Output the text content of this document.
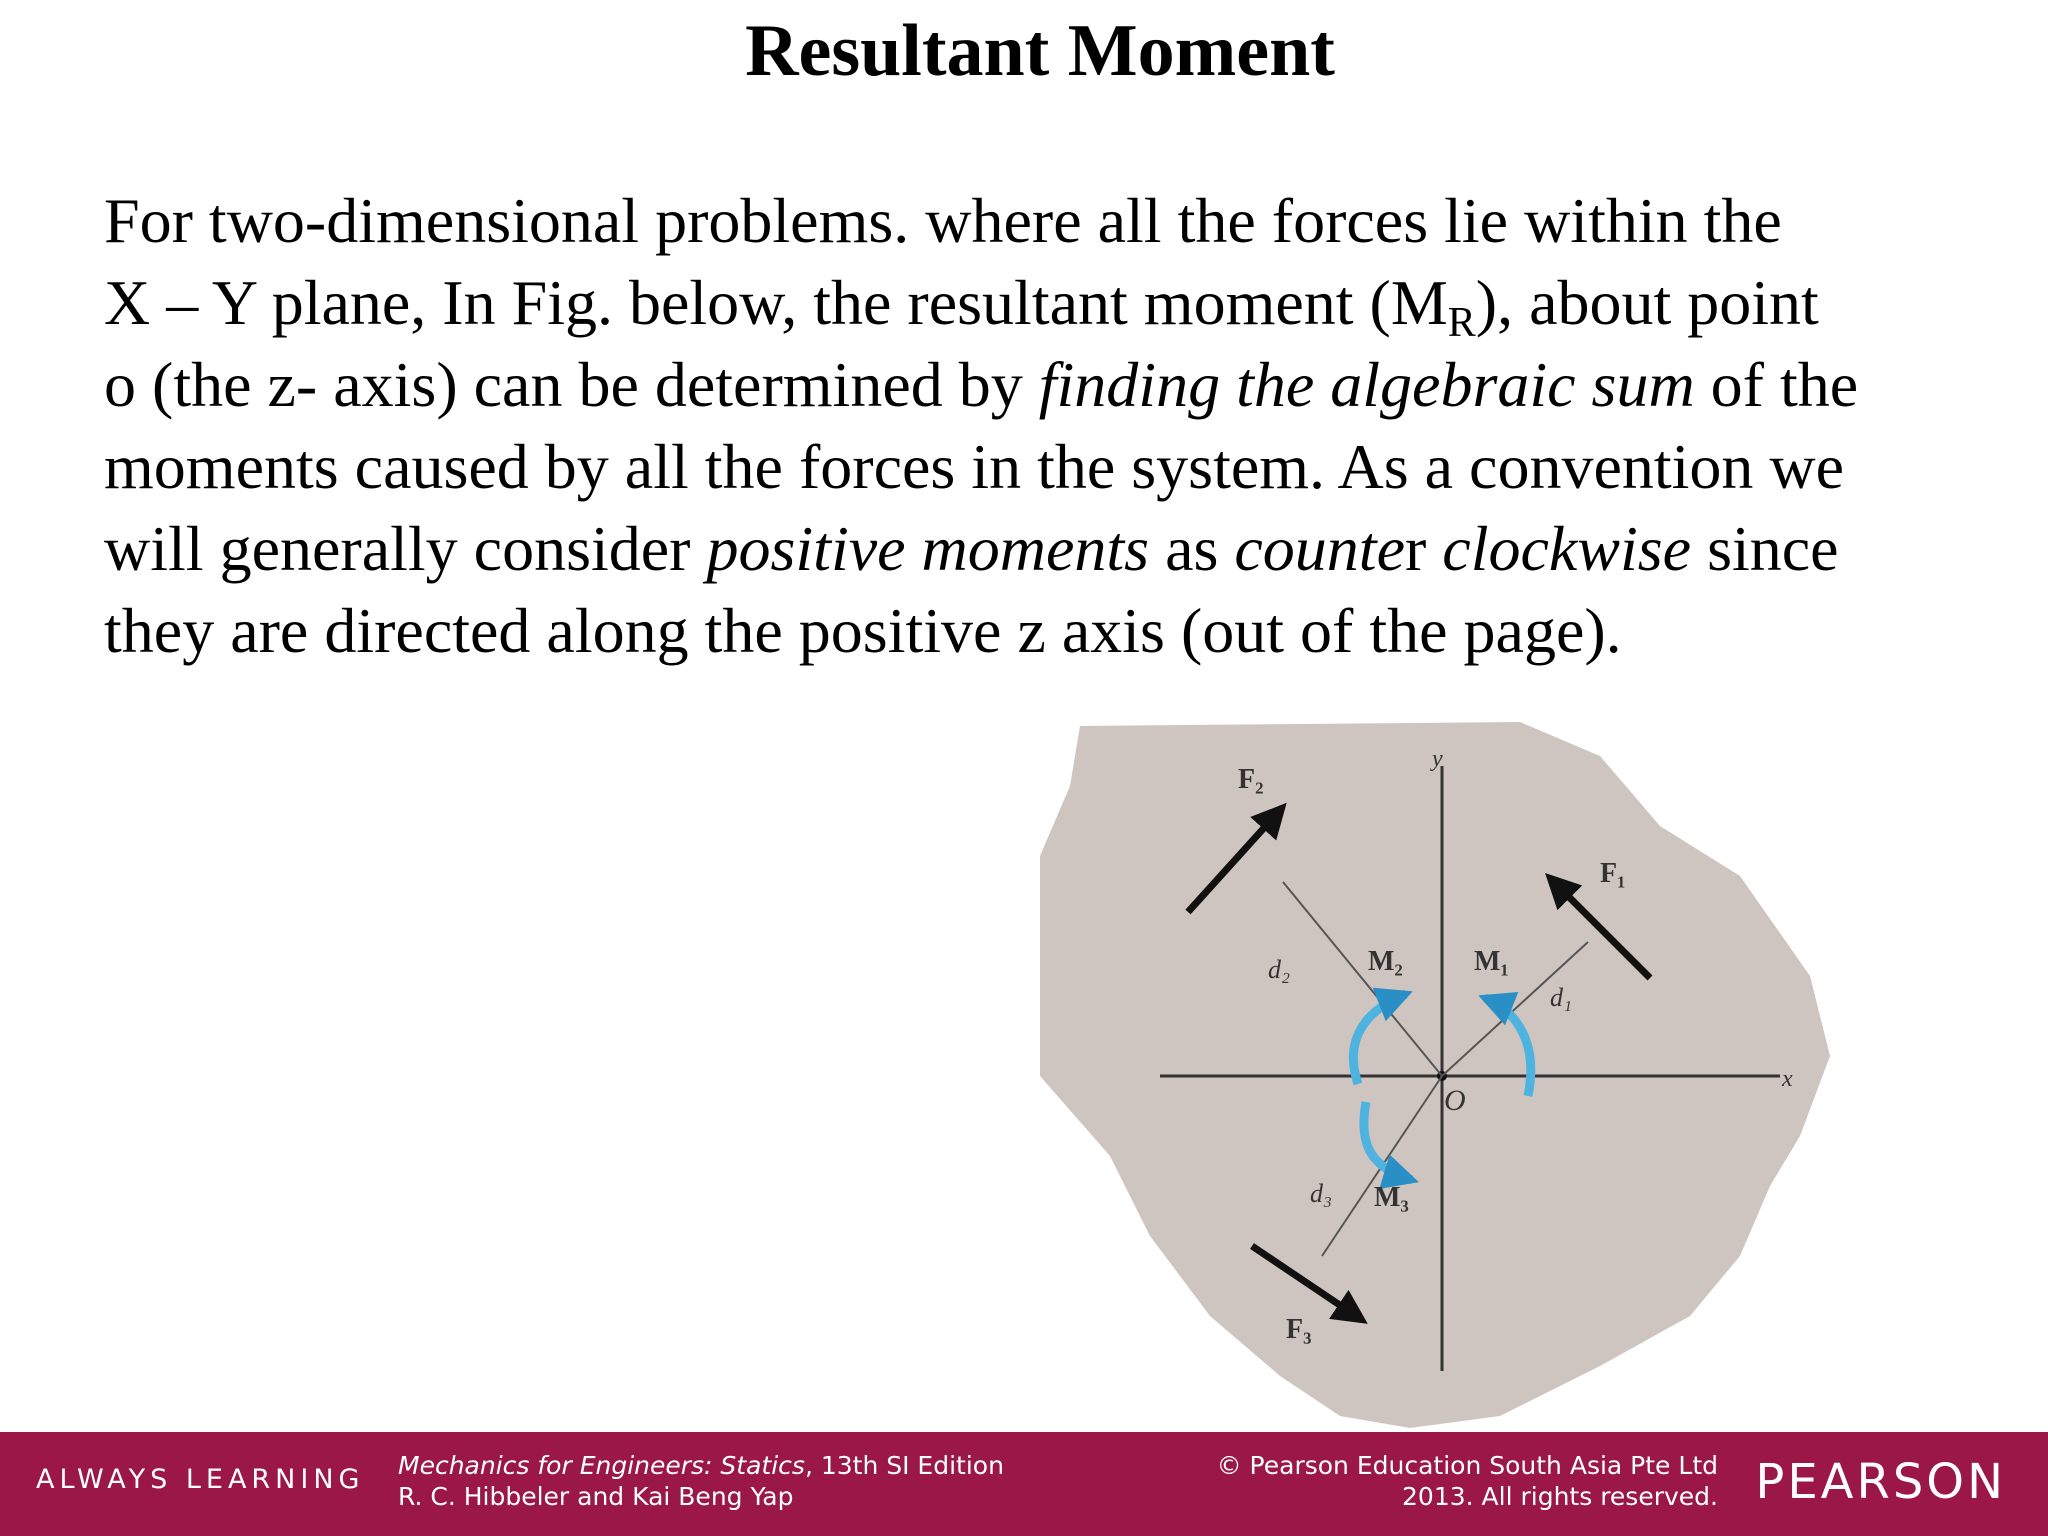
Resultant Moment
For two-dimensional problems. where all the forces lie within the
X – Y plane, In Fig. below, the resultant moment $(M_R)$, about point
o (the z- axis) can be determined by finding the algebraic sum of the
moments caused by all the forces in the system. As a convention we
will generally consider positive moments as counter clockwise since
they are directed along the positive z axis (out of the page).
F₁
F₂
F₃
M₁
M₂
M₃
d₁
d₂
d₃
O
x
y
ALWAYS LEARNING Mechanics for Engineers: Statics, 13th SI Edition
R. C. Hibbeler and Kai Beng Yap
© Pearson Education South Asia Pte Ltd
2013. All rights reserved. PEARSON
